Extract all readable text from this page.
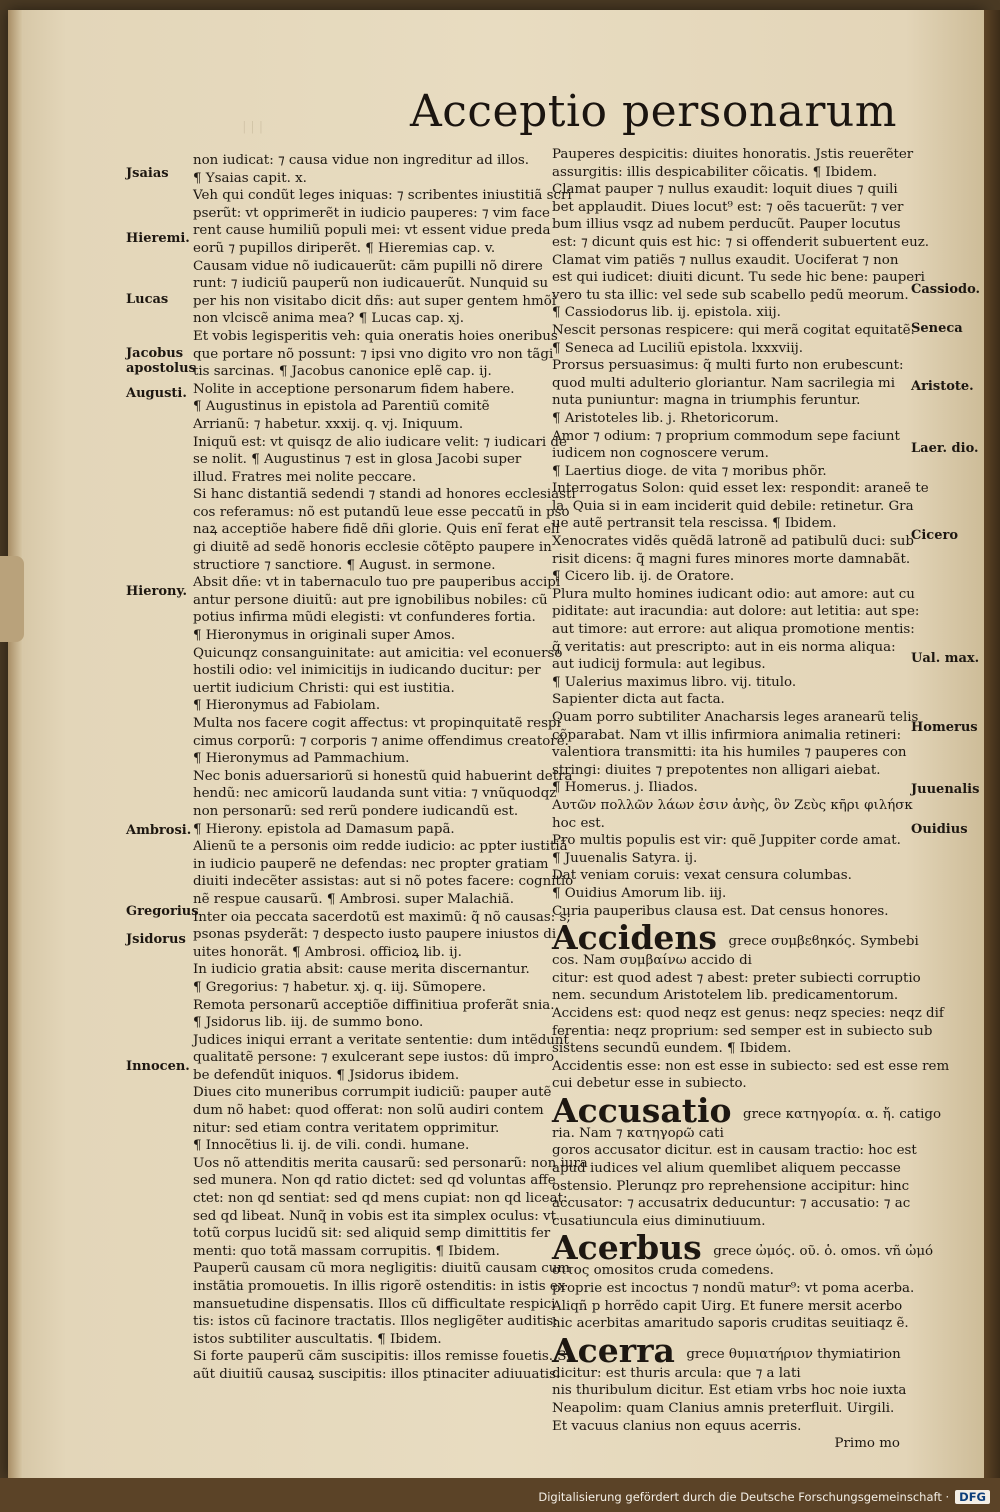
Acceptio personarum
ᛁᛁᛁ
non iudicat: ⁊ causa vidue non ingreditur ad illos.
¶ Ysaias capit. x.
Veh qui condũt leges iniquas: ⁊ scribentes iniustitiã scri
pserũt: vt opprimerẽt in iudicio pauperes: ⁊ vim face
rent cause humiliũ populi mei: vt essent vidue preda
eorũ ⁊ pupillos diriperẽt. ¶ Hieremias cap. v.
Causam vidue nõ iudicauerũt: cãm pupilli nõ direre
runt: ⁊ iudiciũ pauperũ non iudicauerũt. Nunquid su
per his non visitabo dicit dñs: aut super gentem hmõi
non vlciscẽ anima mea? ¶ Lucas cap. xj.
Et vobis legisperitis veh: quia oneratis hoies oneribus
que portare nõ possunt: ⁊ ipsi vno digito vro non tãgi
tis sarcinas. ¶ Jacobus canonice eplẽ cap. ij.
Nolite in acceptione personarum fidem habere.
¶ Augustinus in epistola ad Parentiũ comitẽ
Arrianũ: ⁊ habetur. xxxij. q. vj. Iniquum.
Iniquũ est: vt quisqz de alio iudicare velit: ⁊ iudicari de
se nolit. ¶ Augustinus ⁊ est in glosa Jacobi super
illud. Fratres mei nolite peccare.
Si hanc distantiã sedendi ⁊ standi ad honores ecclesiasti
cos referamus: nõ est putandũ leue esse peccatũ in pso
naꝝ acceptiõe habere fidẽ dñi glorie. Quis enĩ ferat eli
gi diuitẽ ad sedẽ honoris ecclesie cõtẽpto paupere in
structiore ⁊ sanctiore. ¶ August. in sermone.
Absit dñe: vt in tabernaculo tuo pre pauperibus accipi
antur persone diuitũ: aut pre ignobilibus nobiles: cũ
potius infirma mũdi elegisti: vt confunderes fortia.
¶ Hieronymus in originali super Amos.
Quicunqz consanguinitate: aut amicitia: vel econuerso
hostili odio: vel inimicitijs in iudicando ducitur: per
uertit iudicium Christi: qui est iustitia.
¶ Hieronymus ad Fabiolam.
Multa nos facere cogit affectus: vt propinquitatẽ respi
cimus corporũ: ⁊ corporis ⁊ anime offendimus creatorẽ.
¶ Hieronymus ad Pammachium.
Nec bonis aduersariorũ si honestũ quid habuerint detra
hendũ: nec amicorũ laudanda sunt vitia: ⁊ vnũquodqz
non personarũ: sed rerũ pondere iudicandũ est.
¶ Hierony. epistola ad Damasum papã.
Alienũ te a personis oim redde iudicio: ac ppter iustitiã
in iudicio pauperẽ ne defendas: nec propter gratiam
diuiti indecẽter assistas: aut si nõ potes facere: cognitio
nẽ respue causarũ. ¶ Ambrosi. super Malachiã.
Inter oia peccata sacerdotũ est maximũ: q̃ nõ causas: s;
psonas psyderãt: ⁊ despecto iusto paupere iniustos di
uites honorãt. ¶ Ambrosi. officioꝝ lib. ij.
In iudicio gratia absit: cause merita discernantur.
¶ Gregorius: ⁊ habetur. xj. q. iij. Sũmopere.
Remota personarũ acceptiõe diffinitiua proferãt snia.
¶ Jsidorus lib. iij. de summo bono.
Judices iniqui errant a veritate sententie: dum intẽdunt
qualitatẽ persone: ⁊ exulcerant sepe iustos: dũ impro
be defendũt iniquos. ¶ Jsidorus ibidem.
Diues cito muneribus corrumpit iudiciũ: pauper autẽ
dum nõ habet: quod offerat: non solũ audiri contem
nitur: sed etiam contra veritatem opprimitur.
¶ Innocẽtius li. ij. de vili. condi. humane.
Uos nõ attenditis merita causarũ: sed personarũ: non iura
sed munera. Non qd ratio dictet: sed qd voluntas affe
ctet: non qd sentiat: sed qd mens cupiat: non qd liceat:
sed qd libeat. Nunq̃ in vobis est ita simplex oculus: vt
totũ corpus lucidũ sit: sed aliquid semp dimittitis fer
menti: quo totã massam corrupitis. ¶ Ibidem.
Pauperũ causam cũ mora negligitis: diuitũ causam cum
instãtia promouetis. In illis rigorẽ ostenditis: in istis ex
mansuetudine dispensatis. Illos cũ difficultate respici
tis: istos cũ facinore tractatis. Illos negligẽter auditis:
istos subtiliter auscultatis. ¶ Ibidem.
Si forte pauperũ cãm suscipitis: illos remisse fouetis. Si
aũt diuitiũ causaꝝ suscipitis: illos ptinaciter adiuuatis.
Pauperes despicitis: diuites honoratis. Jstis reuerẽter
assurgitis: illis despicabiliter cõicatis. ¶ Ibidem.
Clamat pauper ⁊ nullus exaudit: loquit diues ⁊ quili
bet applaudit. Diues locut⁹ est: ⁊ oẽs tacuerũt: ⁊ ver
bum illius vsqz ad nubem perducũt. Pauper locutus
est: ⁊ dicunt quis est hic: ⁊ si offenderit subuertent euz.
Clamat vim patiẽs ⁊ nullus exaudit. Uociferat ⁊ non
est qui iudicet: diuiti dicunt. Tu sede hic bene: pauperi
vero tu sta illic: vel sede sub scabello pedũ meorum.
¶ Cassiodorus lib. ij. epistola. xiij.
Nescit personas respicere: qui merã cogitat equitatẽ.
¶ Seneca ad Luciliũ epistola. lxxxviij.
Prorsus persuasimus: q̃ multi furto non erubescunt:
quod multi adulterio gloriantur. Nam sacrilegia mi
nuta puniuntur: magna in triumphis feruntur.
¶ Aristoteles lib. j. Rhetoricorum.
Amor ⁊ odium: ⁊ proprium commodum sepe faciunt
iudicem non cognoscere verum.
¶ Laertius dioge. de vita ⁊ moribus phõr.
Interrogatus Solon: quid esset lex: respondit: araneẽ te
la. Quia si in eam inciderit quid debile: retinetur. Gra
ue autẽ pertransit tela rescissa. ¶ Ibidem.
Xenocrates vidẽs quẽdã latronẽ ad patibulũ duci: sub
risit dicens: q̃ magni fures minores morte damnabãt.
¶ Cicero lib. ij. de Oratore.
Plura multo homines iudicant odio: aut amore: aut cu
piditate: aut iracundia: aut dolore: aut letitia: aut spe:
aut timore: aut errore: aut aliqua promotione mentis:
q̃ veritatis: aut prescripto: aut in eis norma aliqua:
aut iudicij formula: aut legibus.
¶ Ualerius maximus libro. vij. titulo.
Sapienter dicta aut facta.
Quam porro subtiliter Anacharsis leges aranearũ telis
cõparabat. Nam vt illis infirmiora animalia retineri:
valentiora transmitti: ita his humiles ⁊ pauperes con
stringi: diuites ⁊ prepotentes non alligari aiebat.
¶ Homerus. j. Iliados.
Αυτῶν πολλῶν λάων ἐσιν ἀνὴς, ὃν Ζεὺς κῆρι φιλήσκ
hoc est.
Pro multis populis est vir: quẽ Juppiter corde amat.
¶ Juuenalis Satyra. ij.
Dat veniam coruis: vexat censura columbas.
¶ Ouidius Amorum lib. iij.
Curia pauperibus clausa est. Dat census honores.
Accidens grece συμβεϐηκός. Symbebi
cos. Nam συμβαίνω accido di
citur: est quod adest ⁊ abest: preter subiecti corruptio
nem. secundum Aristotelem lib. predicamentorum.
Accidens est: quod neqz est genus: neqz species: neqz dif
ferentia: neqz proprium: sed semper est in subiecto sub
sistens secundũ eundem. ¶ Ibidem.
Accidentis esse: non est esse in subiecto: sed est esse rem
cui debetur esse in subiecto.
Accusatio grece κατηγορία. α. ἤ. catigo
ria. Nam ⁊ κατηγορῶ cati
goros accusator dicitur. est in causam tractio: hoc est
apud iudices vel alium quemlibet aliquem peccasse
ostensio. Plerunqz pro reprehensione accipitur: hinc
accusator: ⁊ accusatrix deducuntur: ⁊ accusatio: ⁊ ac
cusatiuncula eius diminutiuum.
Acerbus grece ὠμός. οῦ. ὁ. omos. vñ ὠμό
σιτος omositos cruda comedens.
proprie est incoctus ⁊ nondũ matur⁹: vt poma acerba.
Aliqñ p horrẽdo capit Uirg. Et funere mersit acerbo
hic acerbitas amaritudo saporis cruditas seuitiaqz ẽ.
Acerra grece θυμιατήριον thymiatirion
dicitur: est thuris arcula: que ⁊ a lati
nis thuribulum dicitur. Est etiam vrbs hoc noie iuxta
Neapolim: quam Clanius amnis preterfluit. Uirgili.
Et vacuus clanius non equus acerris.
Primo mo
Jsaias
Hieremi.
Lucas
Jacobus
apostolus
Augusti.
Hierony.
Ambrosi.
Gregorius
Jsidorus
Innocen.
Cassiodo.
Seneca
Aristote.
Laer. dio.
Cicero
Ual. max.
Homerus
Juuenalis
Ouidius
Digitalisierung gefördert durch die Deutsche Forschungsgemeinschaft · DFG
